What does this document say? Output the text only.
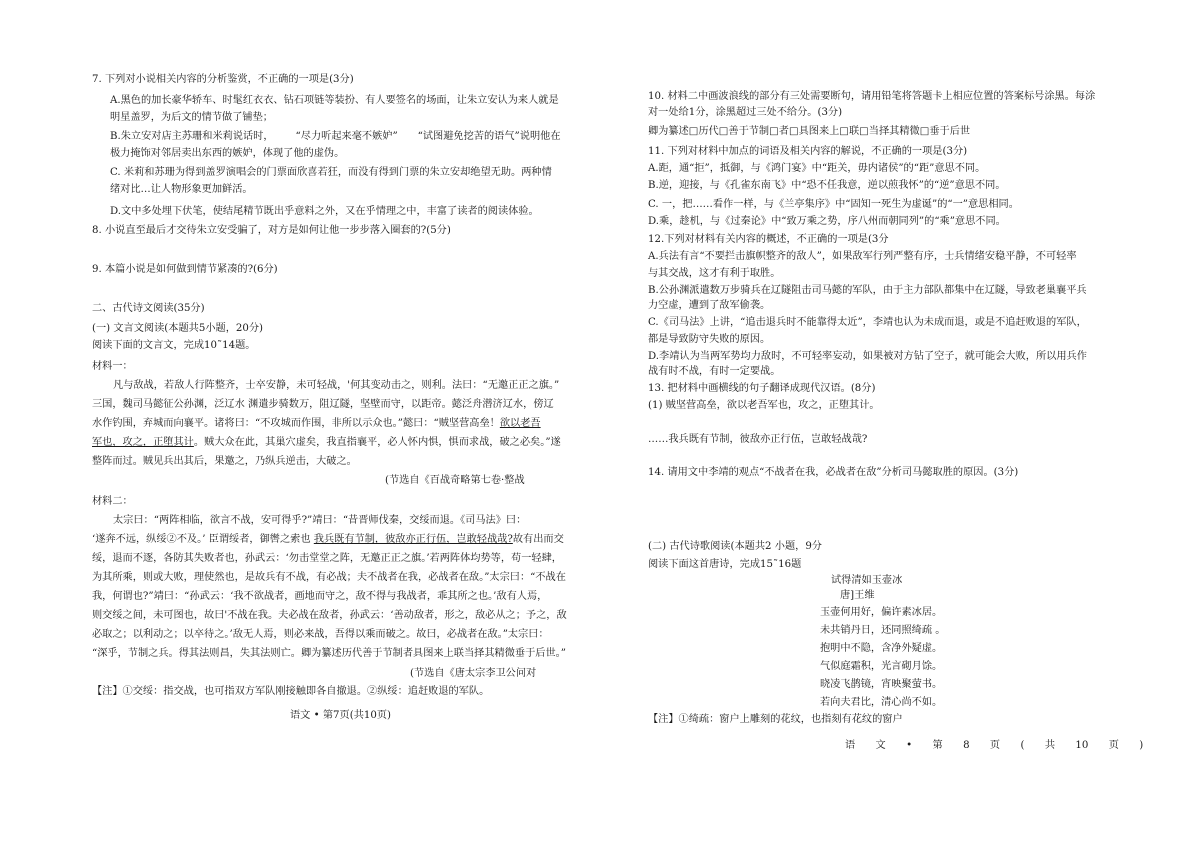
7. 下列对小说相关内容的分析鉴赏，不正确的一项是(3分)
A.黑色的加长豪华轿车、时髦红衣衣、钻石项链等装扮、有人要签名的场面，让朱立安认为来人就是
明星盖罗，为后文的情节做了铺垫；
B.朱立安对店主苏珊和米莉说话时， “尽力听起来毫不嫉妒” “试图避免挖苦的语气”说明他在
极力掩饰对邻居卖出东西的嫉妒，体现了他的虚伪。
C. 米莉和苏珊为得到盖罗演唱会的门票面欣喜若狂，而没有得到门票的朱立安却绝望无助。两种情
绪对比…让人物形象更加鲜活。
D.文中多处埋下伏笔，使结尾精节既出乎意料之外，又在乎情理之中，丰富了读者的阅读体验。
8. 小说直至最后才交待朱立安受骗了，对方是如何让他一步步落入圈套的?(5分)
9. 本篇小说是如何做到情节紧凑的?(6分)
二、古代诗文阅读(35分)
(一) 文言文阅读(本题共5小题，20分)
阅读下面的文言文，完成10˜14题。
材料一：
凡与敌战，若敌人行阵整齐，士卒安静，未可轻战，'何其变动击之，则利。法曰：“无邀正正之旗。”
三国，魏司马懿征公孙渊，泛辽水 渊遣步骑数万，阻辽隧，坚壁而守，以距帝。懿泛舟潜济辽水，傍辽
水作钓围，弃城而向襄平。诸将曰：“不攻城而作围，非所以示众也。”懿曰：“贼坚营高垒！欲以老吾
军也，攻之，正堕其计。贼大众在此，其巢穴虚矣，我直指襄平，必人怀内惧，惧而求战，破之必矣。”遂
整阵而过。贼见兵出其后，果邀之，乃纵兵逆击，大破之。
(节选自《百战奇略第七卷·整战
材料二：
太宗曰：“两阵相临，欲言不战，安可得乎?”靖曰：“昔晋师伐秦，交绥而退。《司马法》曰：
‘遂奔不远，纵绥②不及。’ 臣谓绥者，御辔之索也 我兵既有节制，彼敌亦正行伍，岂敢轻战哉?故有出而交
绥，退而不逐，各防其失败者也，孙武云：‘勿击堂堂之阵，无邀正正之旗。’若两阵体均势等，苟一轻肆，
为其所乘，则或大败，理使然也，是故兵有不战，有必战；夫不战者在我，必战者在敌。”太宗曰：“不战在
我，何谓也?”靖曰：“孙武云：‘我不欲战者，画地而守之，敌不得与我战者，乖其所之也。’敌有人焉，
则交绥之间，未可图也，故曰'不战在我。夫必战在敌者，孙武云：‘善动敌者，形之，敌必从之；予之，敌
必取之；以利动之；以卒待之。’敌无人焉，则必来战，吾得以乘而破之。故曰，必战者在敌。”太宗曰：
“深乎，节制之兵。得其法则昌，失其法则亡。卿为纂述历代善于节制者具图来上联当择其精微垂于后世。”
(节选自《唐太宗李卫公问对
【注】①交绥：指交战，也可指双方军队刚接触即各自撤退。②纵绥：追赶败退的军队。
语文 • 第7页(共10页)
10. 材料二中画波浪线的部分有三处需要断句，请用铅笔将答题卡上相应位置的答案标号涂黑。每涂
对一处给1分，涂黑超过三处不给分。(3分)
卿为纂述□历代□善于节制□者□具图来上□联□当择其精微□垂于后世
11. 下列对材料中加点的词语及相关内容的解说，不正确的一项是(3分)
A.距，通“拒”，抵御，与《鸿门宴》中“距关，毋内诸侯”的“距”意思不同。
B.逆，迎接，与《孔雀东南飞》中“恐不任我意，逆以煎我怀”的“逆”意思不同。
C. 一，把……看作一样，与《兰亭集序》中“固知一死生为虚诞”的“一”意思相同。
D.乘，趁机，与《过秦论》中“致万乘之势，序八州而朝同列”的“乘”意思不同。
12.下列对材料有关内容的概述，不正确的一项是(3分
A.兵法有言“不要拦击旗帜整齐的敌人”，如果敌军行列严整有序，士兵情绪安稳平静，不可轻率
与其交战，这才有利于取胜。
B.公孙渊派遣数万步骑兵在辽隧阻击司马懿的军队，由于主力部队都集中在辽隧，导致老巢襄平兵
力空虚，遭到了敌军偷袭。
C.《司马法》上讲，“追击退兵时不能靠得太近”，李靖也认为未成而退，或是不追赶败退的军队，
都是导致防守失败的原因。
D.李靖认为当两军势均力敌时，不可轻率妄动，如果被对方钻了空子，就可能会大败，所以用兵作
战有时不战，有时一定要战。
13. 把材料中画横线的句子翻译成现代汉语。(8分)
(1) 贼坚营高垒，欲以老吾军也，攻之，正堕其计。
……我兵既有节制，彼敌亦正行伍，岂敢轻战哉?
14. 请用文中李靖的观点“不战者在我，必战者在敌”分析司马懿取胜的原因。(3分)
(二) 古代诗歌阅读(本题共2 小题，9分
阅读下面这首唐诗，完成15˜16题
试得清如玉壶冰
唐]王维
玉壶何用好，偏许素冰居。
未共销丹日，还同照绮疏 。
抱明中不隐，含净外疑虚。
气似庭霜积，光言砌月馀。
晓凌飞鹊镜，宵映聚萤书。
若向夫君比，清心尚不如。
【注】①绮疏：窗户上雕刻的花纹，也指刻有花纹的窗户
语　　文　　•　　第　　8　　页　　(　　共　　10　　页　　)
